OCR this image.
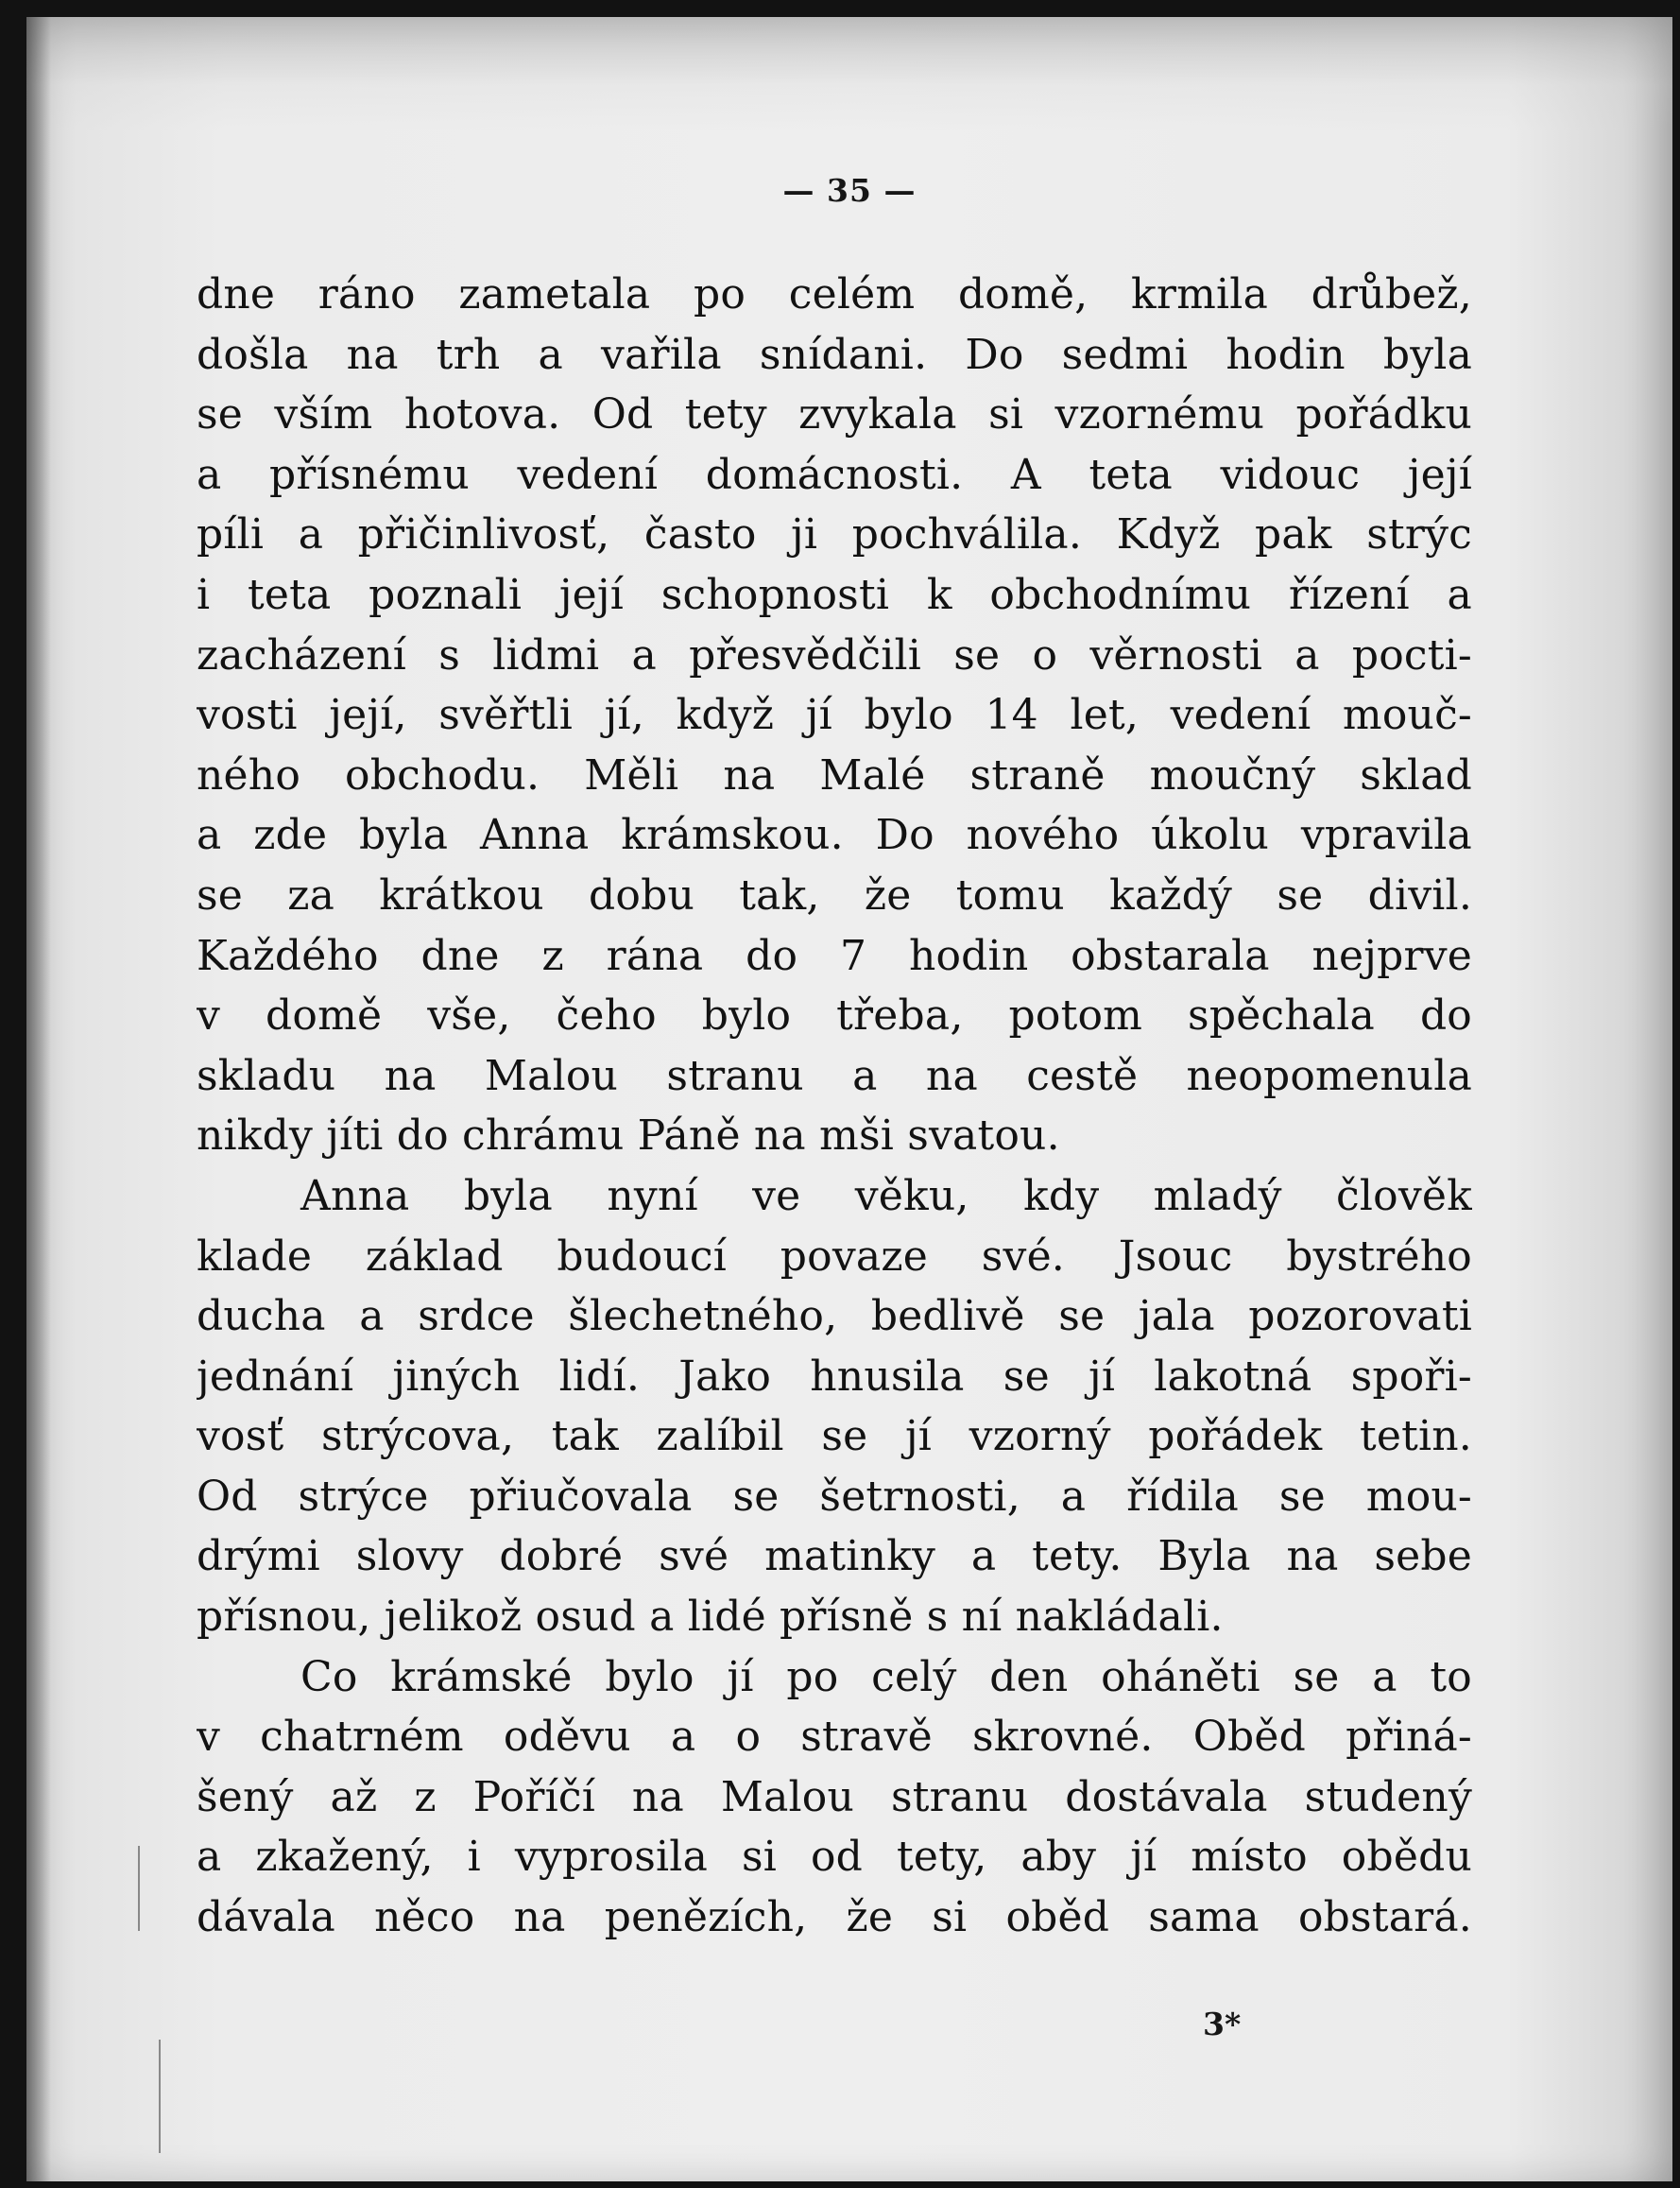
— 35 —
dne ráno zametala po celém domě, krmila drůbež,
došla na trh a vařila snídani. Do sedmi hodin byla
se vším hotova. Od tety zvykala si vzornému pořádku
a přísnému vedení domácnosti. A teta vidouc její
píli a přičinlivosť, často ji pochválila. Když pak strýc
i teta poznali její schopnosti k obchodnímu řízení a
zacházení s lidmi a přesvědčili se o věrnosti a pocti-
vosti její, svěřtli jí, když jí bylo 14 let, vedení mouč-
ného obchodu. Měli na Malé straně moučný sklad
a zde byla Anna krámskou. Do nového úkolu vpravila
se za krátkou dobu tak, že tomu každý se divil.
Každého dne z rána do 7 hodin obstarala nejprve
v domě vše, čeho bylo třeba, potom spěchala do
skladu na Malou stranu a na cestě neopomenula
nikdy jíti do chrámu Páně na mši svatou.
Anna byla nyní ve věku, kdy mladý člověk
klade základ budoucí povaze své. Jsouc bystrého
ducha a srdce šlechetného, bedlivě se jala pozorovati
jednání jiných lidí. Jako hnusila se jí lakotná spoři-
vosť strýcova, tak zalíbil se jí vzorný pořádek tetin.
Od strýce přiučovala se šetrnosti, a řídila se mou-
drými slovy dobré své matinky a tety. Byla na sebe
přísnou, jelikož osud a lidé přísně s ní nakládali.
Co krámské bylo jí po celý den oháněti se a to
v chatrném oděvu a o stravě skrovné. Oběd přiná-
šený až z Poříčí na Malou stranu dostávala studený
a zkažený, i vyprosila si od tety, aby jí místo obědu
dávala něco na penězích, že si oběd sama obstará.
3*
